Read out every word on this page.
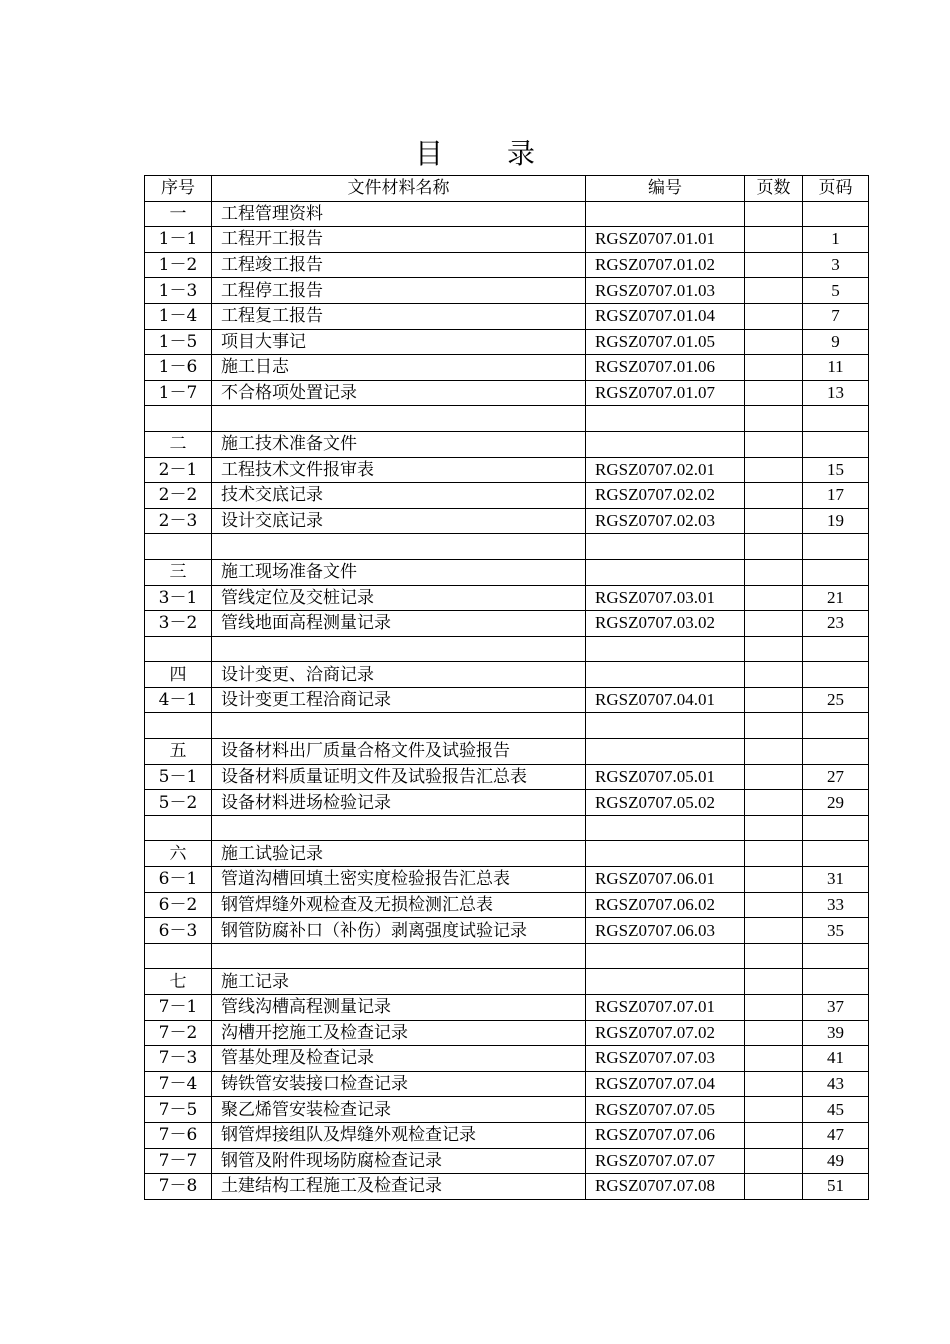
目 录
序号	文件材料名称	编号	页数	页码
一	工程管理资料			
1－1	工程开工报告	RGSZ0707.01.01		1
1－2	工程竣工报告	RGSZ0707.01.02		3
1－3	工程停工报告	RGSZ0707.01.03		5
1－4	工程复工报告	RGSZ0707.01.04		7
1－5	项目大事记	RGSZ0707.01.05		9
1－6	施工日志	RGSZ0707.01.06		11
1－7	不合格项处置记录	RGSZ0707.01.07		13

二	施工技术准备文件			
2－1	工程技术文件报审表	RGSZ0707.02.01		15
2－2	技术交底记录	RGSZ0707.02.02		17
2－3	设计交底记录	RGSZ0707.02.03		19

三	施工现场准备文件			
3－1	管线定位及交桩记录	RGSZ0707.03.01		21
3－2	管线地面高程测量记录	RGSZ0707.03.02		23

四	设计变更、洽商记录			
4－1	设计变更工程洽商记录	RGSZ0707.04.01		25

五	设备材料出厂质量合格文件及试验报告			
5－1	设备材料质量证明文件及试验报告汇总表	RGSZ0707.05.01		27
5－2	设备材料进场检验记录	RGSZ0707.05.02		29

六	施工试验记录			
6－1	管道沟槽回填土密实度检验报告汇总表	RGSZ0707.06.01		31
6－2	钢管焊缝外观检查及无损检测汇总表	RGSZ0707.06.02		33
6－3	钢管防腐补口（补伤）剥离强度试验记录	RGSZ0707.06.03		35

七	施工记录			
7－1	管线沟槽高程测量记录	RGSZ0707.07.01		37
7－2	沟槽开挖施工及检查记录	RGSZ0707.07.02		39
7－3	管基处理及检查记录	RGSZ0707.07.03		41
7－4	铸铁管安装接口检查记录	RGSZ0707.07.04		43
7－5	聚乙烯管安装检查记录	RGSZ0707.07.05		45
7－6	钢管焊接组队及焊缝外观检查记录	RGSZ0707.07.06		47
7－7	钢管及附件现场防腐检查记录	RGSZ0707.07.07		49
7－8	土建结构工程施工及检查记录	RGSZ0707.07.08		51
